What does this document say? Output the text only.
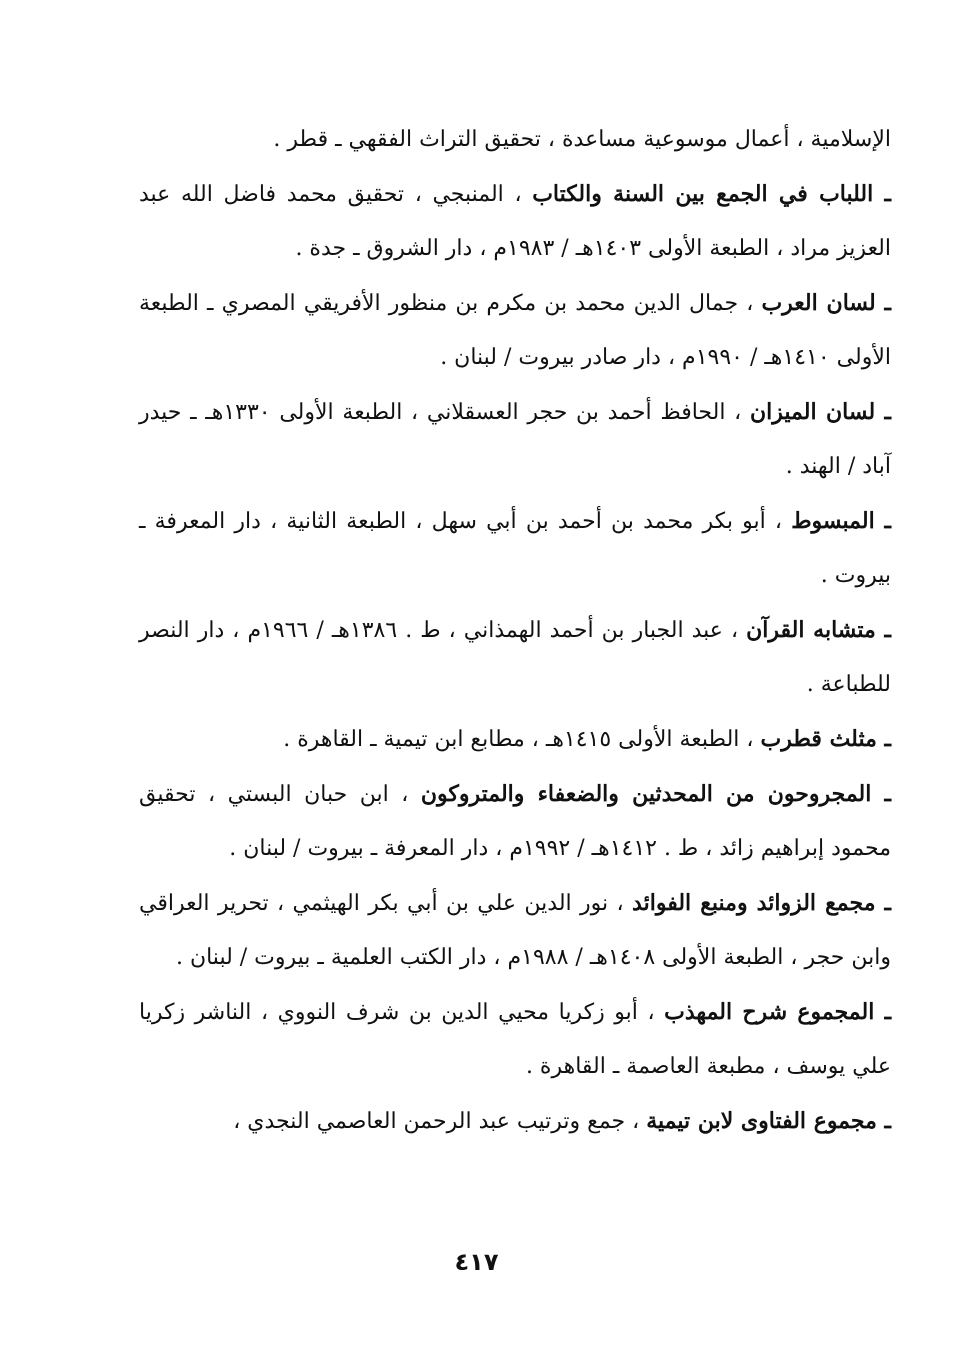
الإسلامية ، أعمال موسوعية مساعدة ، تحقيق التراث الفقهي ـ قطر .

ـ اللباب في الجمع بين السنة والكتاب ، المنبجي ، تحقيق محمد فاضل الله عبد العزيز مراد ، الطبعة الأولى ١٤٠٣هـ / ١٩٨٣م ، دار الشروق ـ جدة .

ـ لسان العرب ، جمال الدين محمد بن مكرم بن منظور الأفريقي المصري ـ الطبعة الأولى ١٤١٠هـ / ١٩٩٠م ، دار صادر بيروت / لبنان .

ـ لسان الميزان ، الحافظ أحمد بن حجر العسقلاني ، الطبعة الأولى ١٣٣٠هـ ـ حيدر آباد / الهند .

ـ المبسوط ، أبو بكر محمد بن أحمد بن أبي سهل ، الطبعة الثانية ، دار المعرفة ـ بيروت .

ـ متشابه القرآن ، عبد الجبار بن أحمد الهمذاني ، ط . ١٣٨٦هـ / ١٩٦٦م ، دار النصر للطباعة .

ـ مثلث قطرب ، الطبعة الأولى ١٤١٥هـ ، مطابع ابن تيمية ـ القاهرة .

ـ المجروحون من المحدثين والضعفاء والمتروكون ، ابن حبان البستي ، تحقيق محمود إبراهيم زائد ، ط . ١٤١٢هـ / ١٩٩٢م ، دار المعرفة ـ بيروت / لبنان .

ـ مجمع الزوائد ومنبع الفوائد ، نور الدين علي بن أبي بكر الهيثمي ، تحرير العراقي وابن حجر ، الطبعة الأولى ١٤٠٨هـ / ١٩٨٨م ، دار الكتب العلمية ـ بيروت / لبنان .

ـ المجموع شرح المهذب ، أبو زكريا محيي الدين بن شرف النووي ، الناشر زكريا علي يوسف ، مطبعة العاصمة ـ القاهرة .

ـ مجموع الفتاوى لابن تيمية ، جمع وترتيب عبد الرحمن العاصمي النجدي ،

٤١٧
